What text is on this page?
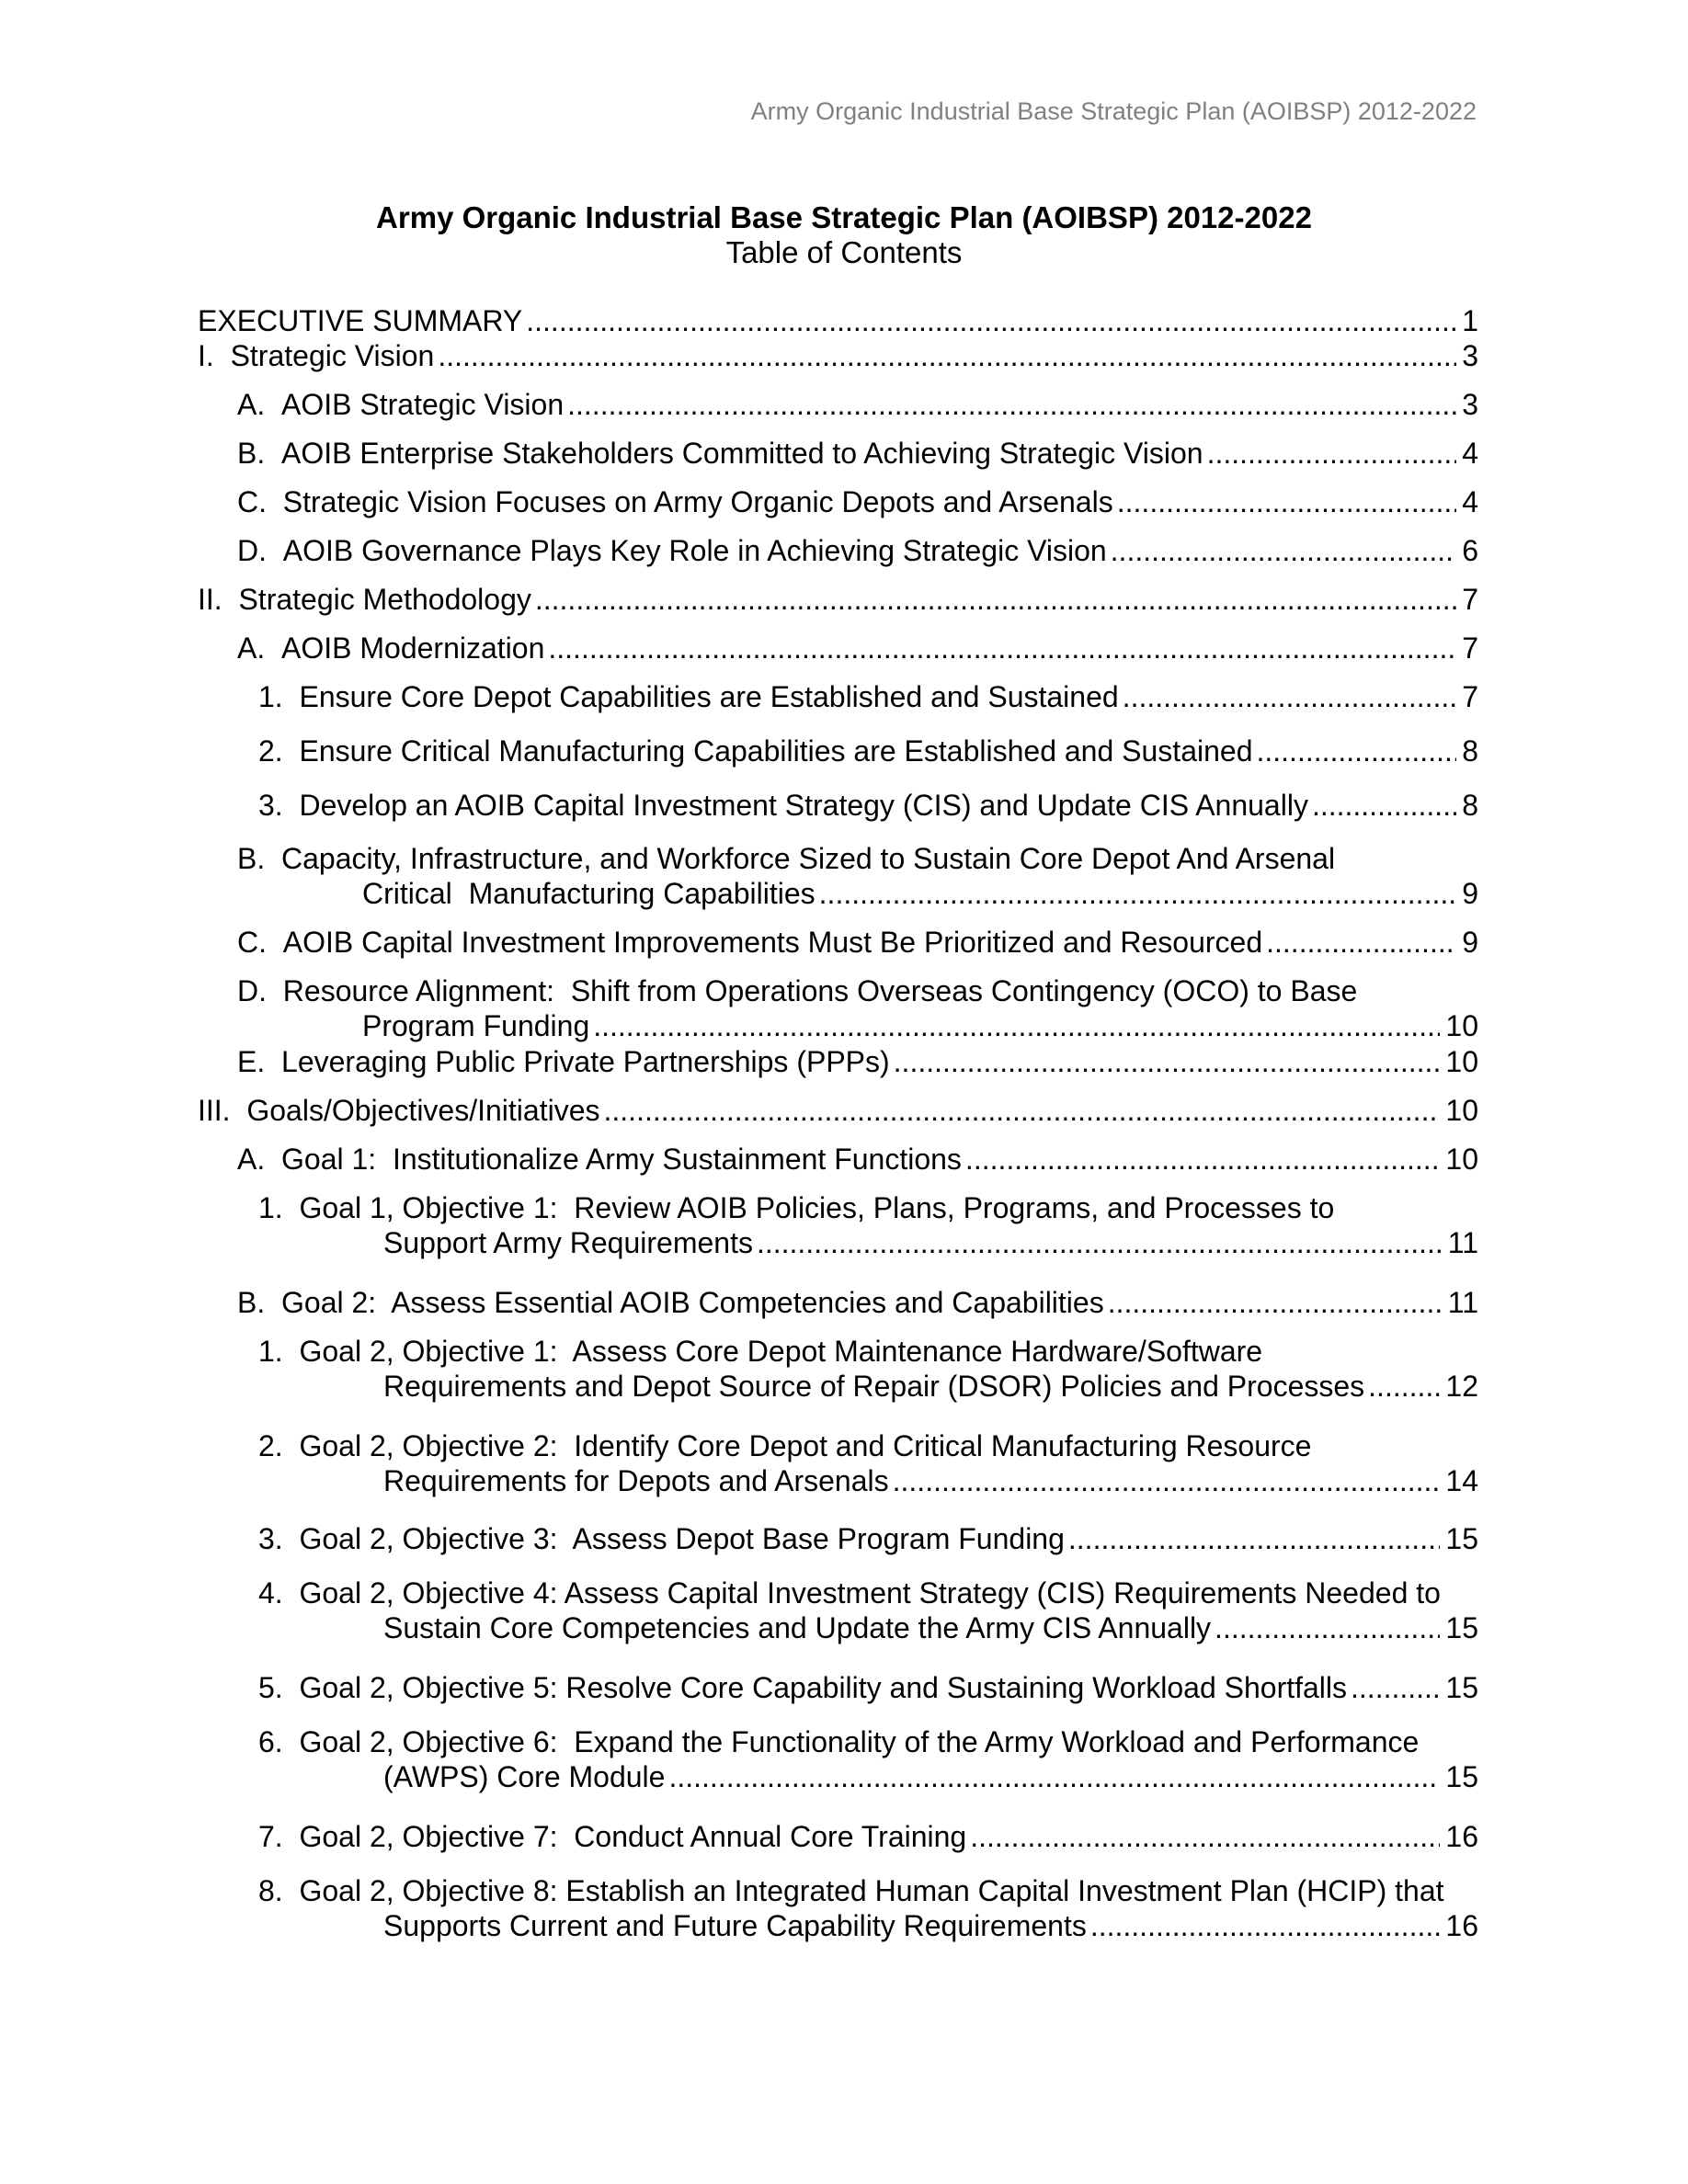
Army Organic Industrial Base Strategic Plan (AOIBSP) 2012-2022
Army Organic Industrial Base Strategic Plan (AOIBSP) 2012-2022
Table of Contents
EXECUTIVE SUMMARY .....	1
I. Strategic Vision .....	3
A. AOIB Strategic Vision .....	3
B. AOIB Enterprise Stakeholders Committed to Achieving Strategic Vision .....	4
C. Strategic Vision Focuses on Army Organic Depots and Arsenals .....	4
D. AOIB Governance Plays Key Role in Achieving Strategic Vision .....	6
II. Strategic Methodology .....	7
A. AOIB Modernization .....	7
1. Ensure Core Depot Capabilities are Established and Sustained .....	7
2. Ensure Critical Manufacturing Capabilities are Established and Sustained .....	8
3. Develop an AOIB Capital Investment Strategy (CIS) and Update CIS Annually .....	8
B. Capacity, Infrastructure, and Workforce Sized to Sustain Core Depot And Arsenal
Critical  Manufacturing Capabilities .....	9
C. AOIB Capital Investment Improvements Must Be Prioritized and Resourced .....	9
D. Resource Alignment:  Shift from Operations Overseas Contingency (OCO) to Base
Program Funding .....	10
E. Leveraging Public Private Partnerships (PPPs) .....	10
III. Goals/Objectives/Initiatives .....	10
A. Goal 1:  Institutionalize Army Sustainment Functions .....	10
1. Goal 1, Objective 1:  Review AOIB Policies, Plans, Programs, and Processes to
Support Army Requirements .....	11
B. Goal 2:  Assess Essential AOIB Competencies and Capabilities .....	11
1. Goal 2, Objective 1:  Assess Core Depot Maintenance Hardware/Software
Requirements and Depot Source of Repair (DSOR) Policies and Processes .....	12
2. Goal 2, Objective 2:  Identify Core Depot and Critical Manufacturing Resource
Requirements for Depots and Arsenals .....	14
3. Goal 2, Objective 3:  Assess Depot Base Program Funding .....	15
4. Goal 2, Objective 4: Assess Capital Investment Strategy (CIS) Requirements Needed to
Sustain Core Competencies and Update the Army CIS Annually .....	15
5. Goal 2, Objective 5: Resolve Core Capability and Sustaining Workload Shortfalls .....	15
6. Goal 2, Objective 6:  Expand the Functionality of the Army Workload and Performance
(AWPS) Core Module .....	15
7. Goal 2, Objective 7:  Conduct Annual Core Training .....	16
8. Goal 2, Objective 8: Establish an Integrated Human Capital Investment Plan (HCIP) that
Supports Current and Future Capability Requirements .....	16
